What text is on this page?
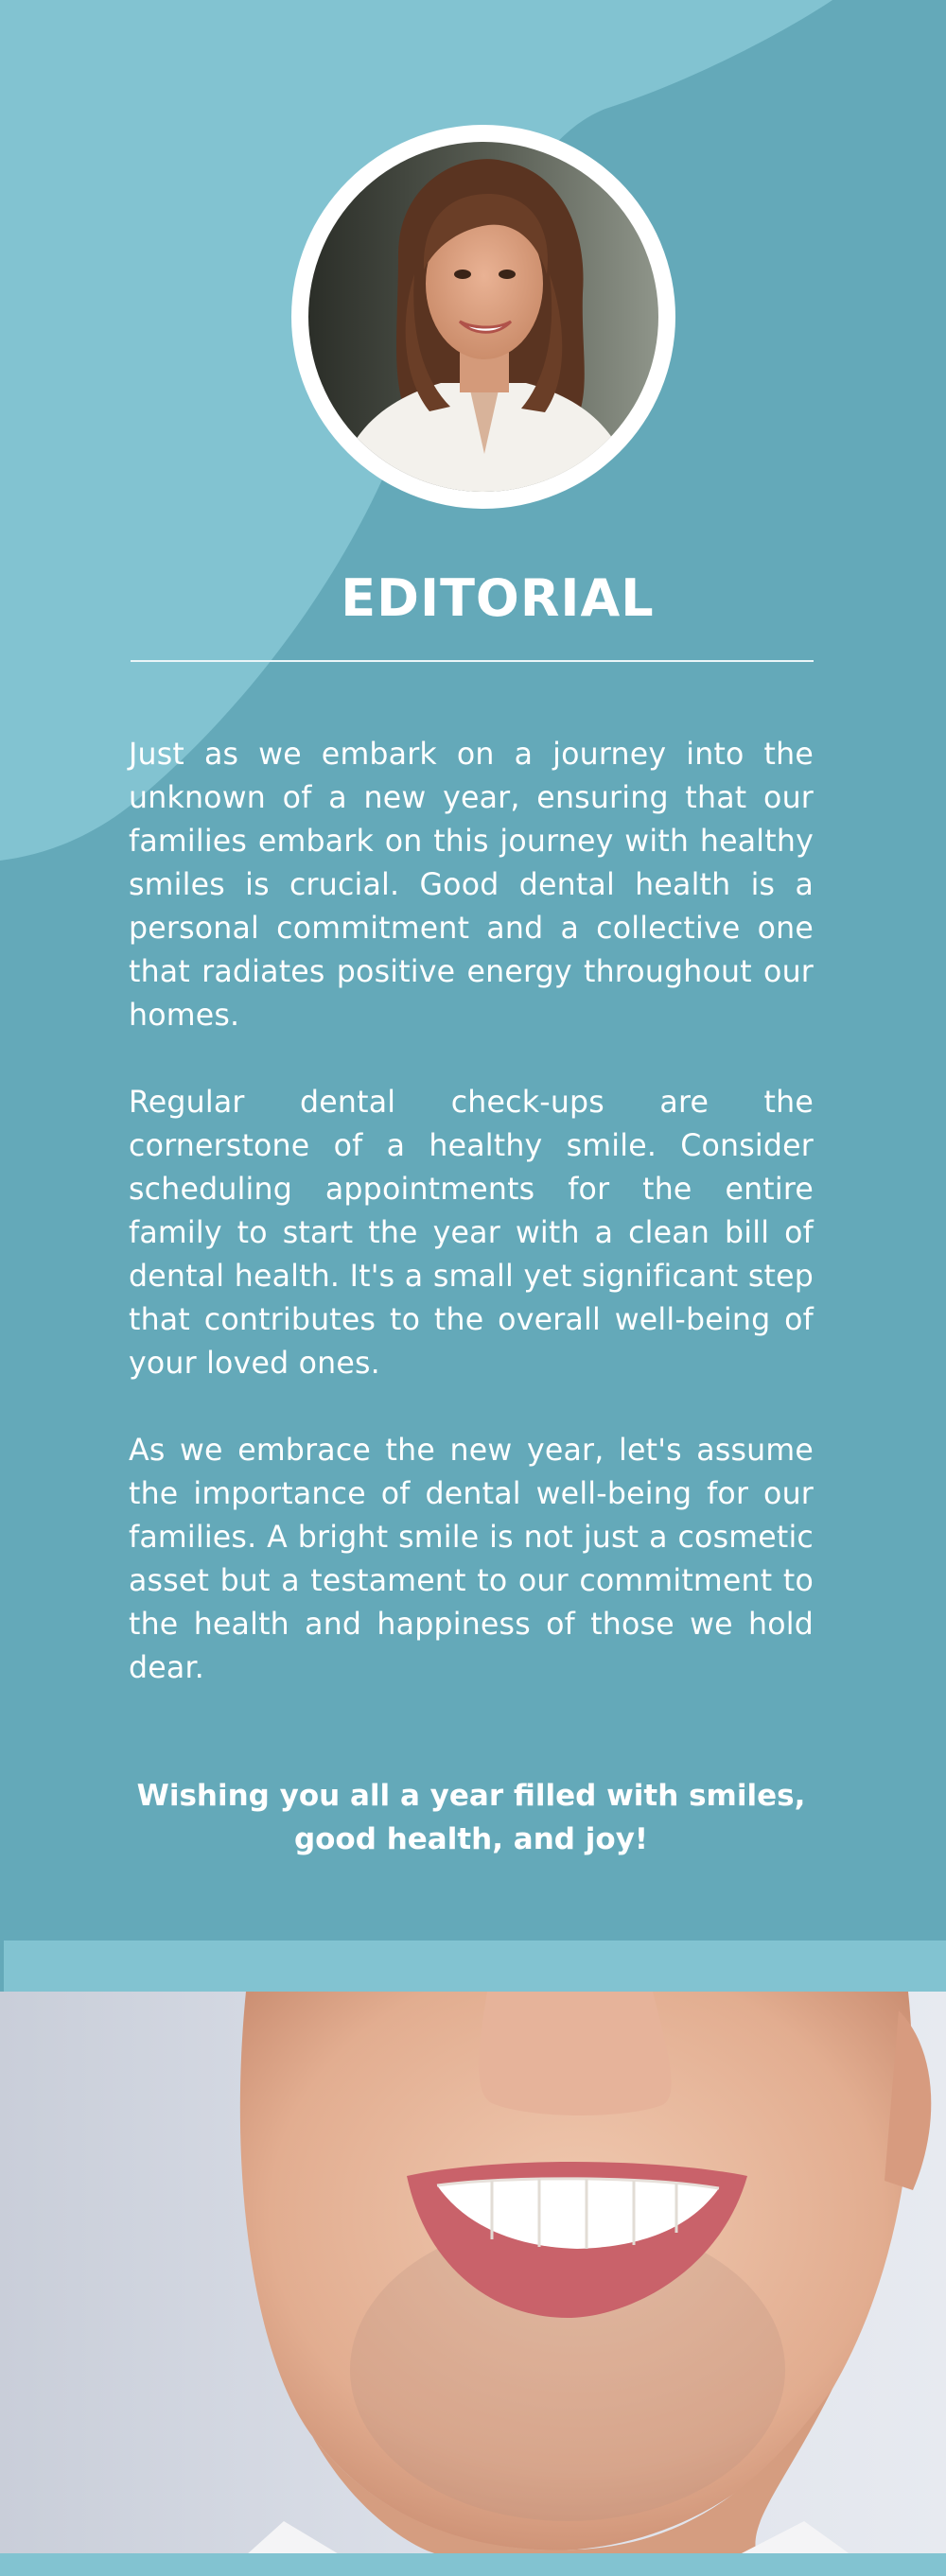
EDITORIAL

Just as we embark on a journey into the unknown of a new year, ensuring that our families embark on this journey with healthy smiles is crucial. Good dental health is a personal commitment and a collective one that radiates positive energy throughout our homes.

Regular dental check-ups are the cornerstone of a healthy smile. Consider scheduling appointments for the entire family to start the year with a clean bill of dental health. It's a small yet significant step that contributes to the overall well-being of your loved ones.

As we embrace the new year, let's assume the importance of dental well-being for our families. A bright smile is not just a cosmetic asset but a testament to our commitment to the health and happiness of those we hold dear.

Wishing you all a year filled with smiles, good health, and joy!
